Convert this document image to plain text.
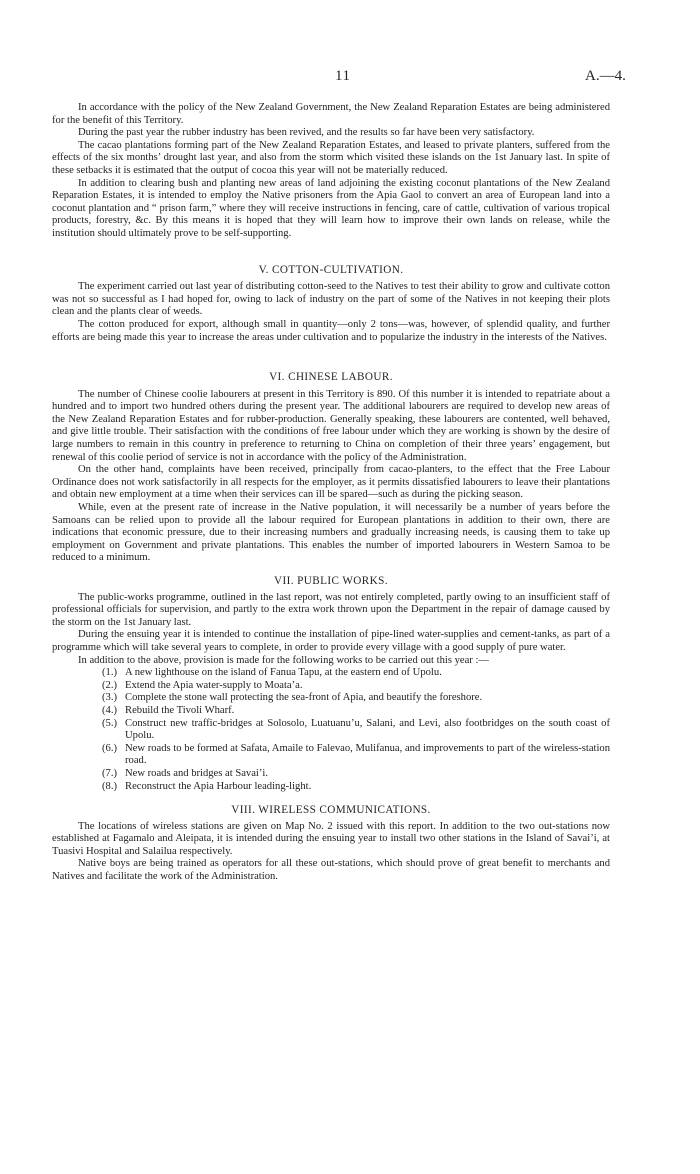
11	A.—4.

In accordance with the policy of the New Zealand Government, the New Zealand Reparation Estates are being administered for the benefit of this Territory.

During the past year the rubber industry has been revived, and the results so far have been very satisfactory.

The cacao plantations forming part of the New Zealand Reparation Estates, and leased to private planters, suffered from the effects of the six months’ drought last year, and also from the storm which visited these islands on the 1st January last. In spite of these setbacks it is estimated that the output of cocoa this year will not be materially reduced.

In addition to clearing bush and planting new areas of land adjoining the existing coconut plantations of the New Zealand Reparation Estates, it is intended to employ the Native prisoners from the Apia Gaol to convert an area of European land into a coconut plantation and “ prison farm,” where they will receive instructions in fencing, care of cattle, cultivation of various tropical products, forestry, &c. By this means it is hoped that they will learn how to improve their own lands on release, while the institution should ultimately prove to be self-supporting.

V. COTTON-CULTIVATION.

The experiment carried out last year of distributing cotton-seed to the Natives to test their ability to grow and cultivate cotton was not so successful as I had hoped for, owing to lack of industry on the part of some of the Natives in not keeping their plots clean and the plants clear of weeds.

The cotton produced for export, although small in quantity—only 2 tons—was, however, of splendid quality, and further efforts are being made this year to increase the areas under cultivation and to popularize the industry in the interests of the Natives.

VI. CHINESE LABOUR.

The number of Chinese coolie labourers at present in this Territory is 890. Of this number it is intended to repatriate about a hundred and to import two hundred others during the present year. The additional labourers are required to develop new areas of the New Zealand Reparation Estates and for rubber-production. Generally speaking, these labourers are contented, well behaved, and give little trouble. Their satisfaction with the conditions of free labour under which they are working is shown by the desire of large numbers to remain in this country in preference to returning to China on completion of their three years’ engagement, but renewal of this coolie period of service is not in accordance with the policy of the Administration.

On the other hand, complaints have been received, principally from cacao-planters, to the effect that the Free Labour Ordinance does not work satisfactorily in all respects for the employer, as it permits dissatisfied labourers to leave their plantations and obtain new employment at a time when their services can ill be spared—such as during the picking season.

While, even at the present rate of increase in the Native population, it will necessarily be a number of years before the Samoans can be relied upon to provide all the labour required for European plantations in addition to their own, there are indications that economic pressure, due to their increasing numbers and gradually increasing needs, is causing them to take up employment on Government and private plantations. This enables the number of imported labourers in Western Samoa to be reduced to a minimum.

VII. PUBLIC WORKS.

The public-works programme, outlined in the last report, was not entirely completed, partly owing to an insufficient staff of professional officials for supervision, and partly to the extra work thrown upon the Department in the repair of damage caused by the storm on the 1st January last.

During the ensuing year it is intended to continue the installation of pipe-lined water-supplies and cement-tanks, as part of a programme which will take several years to complete, in order to provide every village with a good supply of pure water.

In addition to the above, provision is made for the following works to be carried out this year :—

(1.) A new lighthouse on the island of Fanua Tapu, at the eastern end of Upolu.
(2.) Extend the Apia water-supply to Moata’a.
(3.) Complete the stone wall protecting the sea-front of Apia, and beautify the foreshore.
(4.) Rebuild the Tivoli Wharf.
(5.) Construct new traffic-bridges at Solosolo, Luatuanu’u, Salani, and Levi, also footbridges on the south coast of Upolu.
(6.) New roads to be formed at Safata, Amaile to Falevao, Mulifanua, and improvements to part of the wireless-station road.
(7.) New roads and bridges at Savai’i.
(8.) Reconstruct the Apia Harbour leading-light.
VIII. WIRELESS COMMUNICATIONS.

The locations of wireless stations are given on Map No. 2 issued with this report. In addition to the two out-stations now established at Fagamalo and Aleipata, it is intended during the ensuing year to install two other stations in the Island of Savai’i, at Tuasivi Hospital and Salailua respectively.

Native boys are being trained as operators for all these out-stations, which should prove of great benefit to merchants and Natives and facilitate the work of the Administration.
